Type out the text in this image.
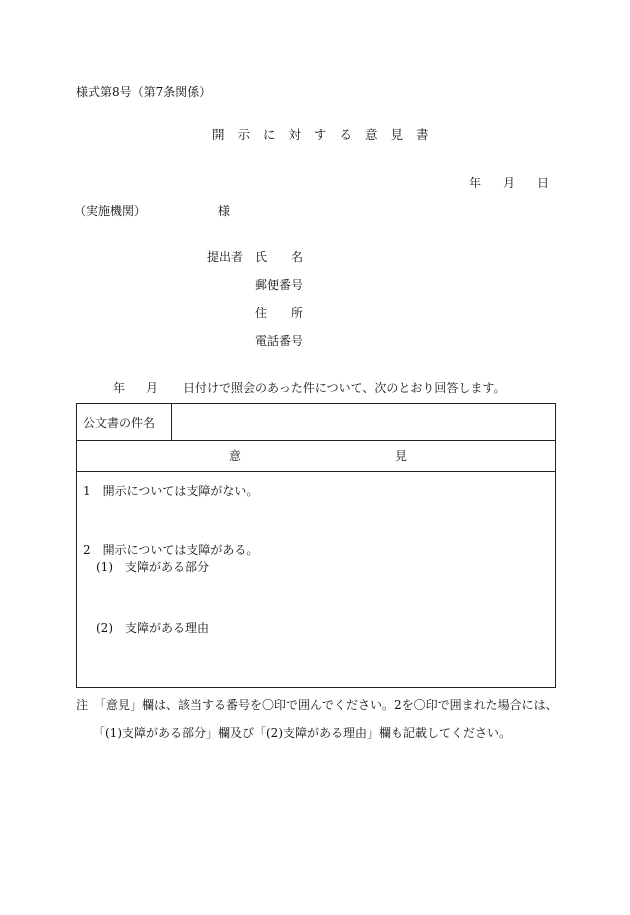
様式第8号（第7条関係）
開示に対する意見書
年 月 日
（実施機関）	様
提出者 氏　　名
郵便番号
住　　所
電話番号
年 月 日付けで照会のあった件について、次のとおり回答します。
公文書の件名	

意	見

1　開示については支障がない。
2　開示については支障がある。
(1)　支障がある部分
(2)　支障がある理由
注　「意見」欄は、該当する番号を〇印で囲んでください。2を〇印で囲まれた場合には、
「(1)支障がある部分」欄及び「(2)支障がある理由」欄も記載してください。
